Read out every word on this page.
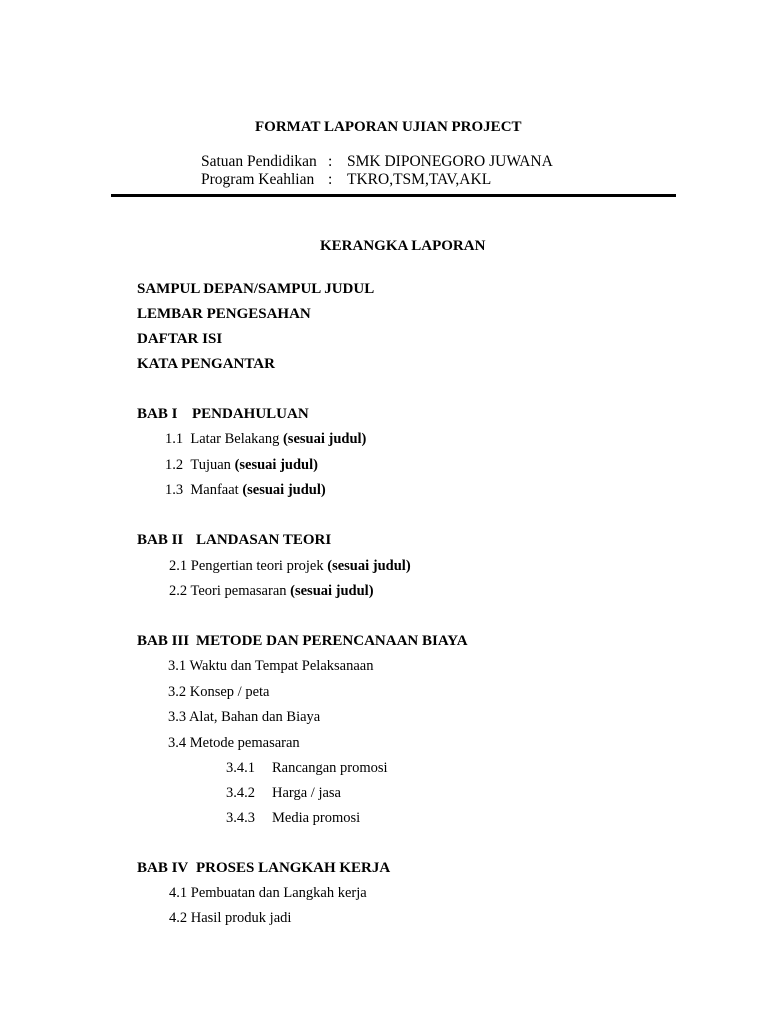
FORMAT LAPORAN UJIAN PROJECT
Satuan Pendidikan : SMK DIPONEGORO JUWANA
Program Keahlian : TKRO,TSM,TAV,AKL
KERANGKA LAPORAN
SAMPUL DEPAN/SAMPUL JUDUL
LEMBAR PENGESAHAN
DAFTAR ISI
KATA PENGANTAR
BAB I PENDAHULUAN
1.1 Latar Belakang (sesuai judul)
1.2 Tujuan (sesuai judul)
1.3 Manfaat (sesuai judul)
BAB II LANDASAN TEORI
2.1 Pengertian teori projek (sesuai judul)
2.2 Teori pemasaran (sesuai judul)
BAB III METODE DAN PERENCANAAN BIAYA
3.1 Waktu dan Tempat Pelaksanaan
3.2 Konsep / peta
3.3 Alat, Bahan dan Biaya
3.4 Metode pemasaran
3.4.1 Rancangan promosi
3.4.2 Harga / jasa
3.4.3 Media promosi
BAB IV PROSES LANGKAH KERJA
4.1 Pembuatan dan Langkah kerja
4.2 Hasil produk jadi
